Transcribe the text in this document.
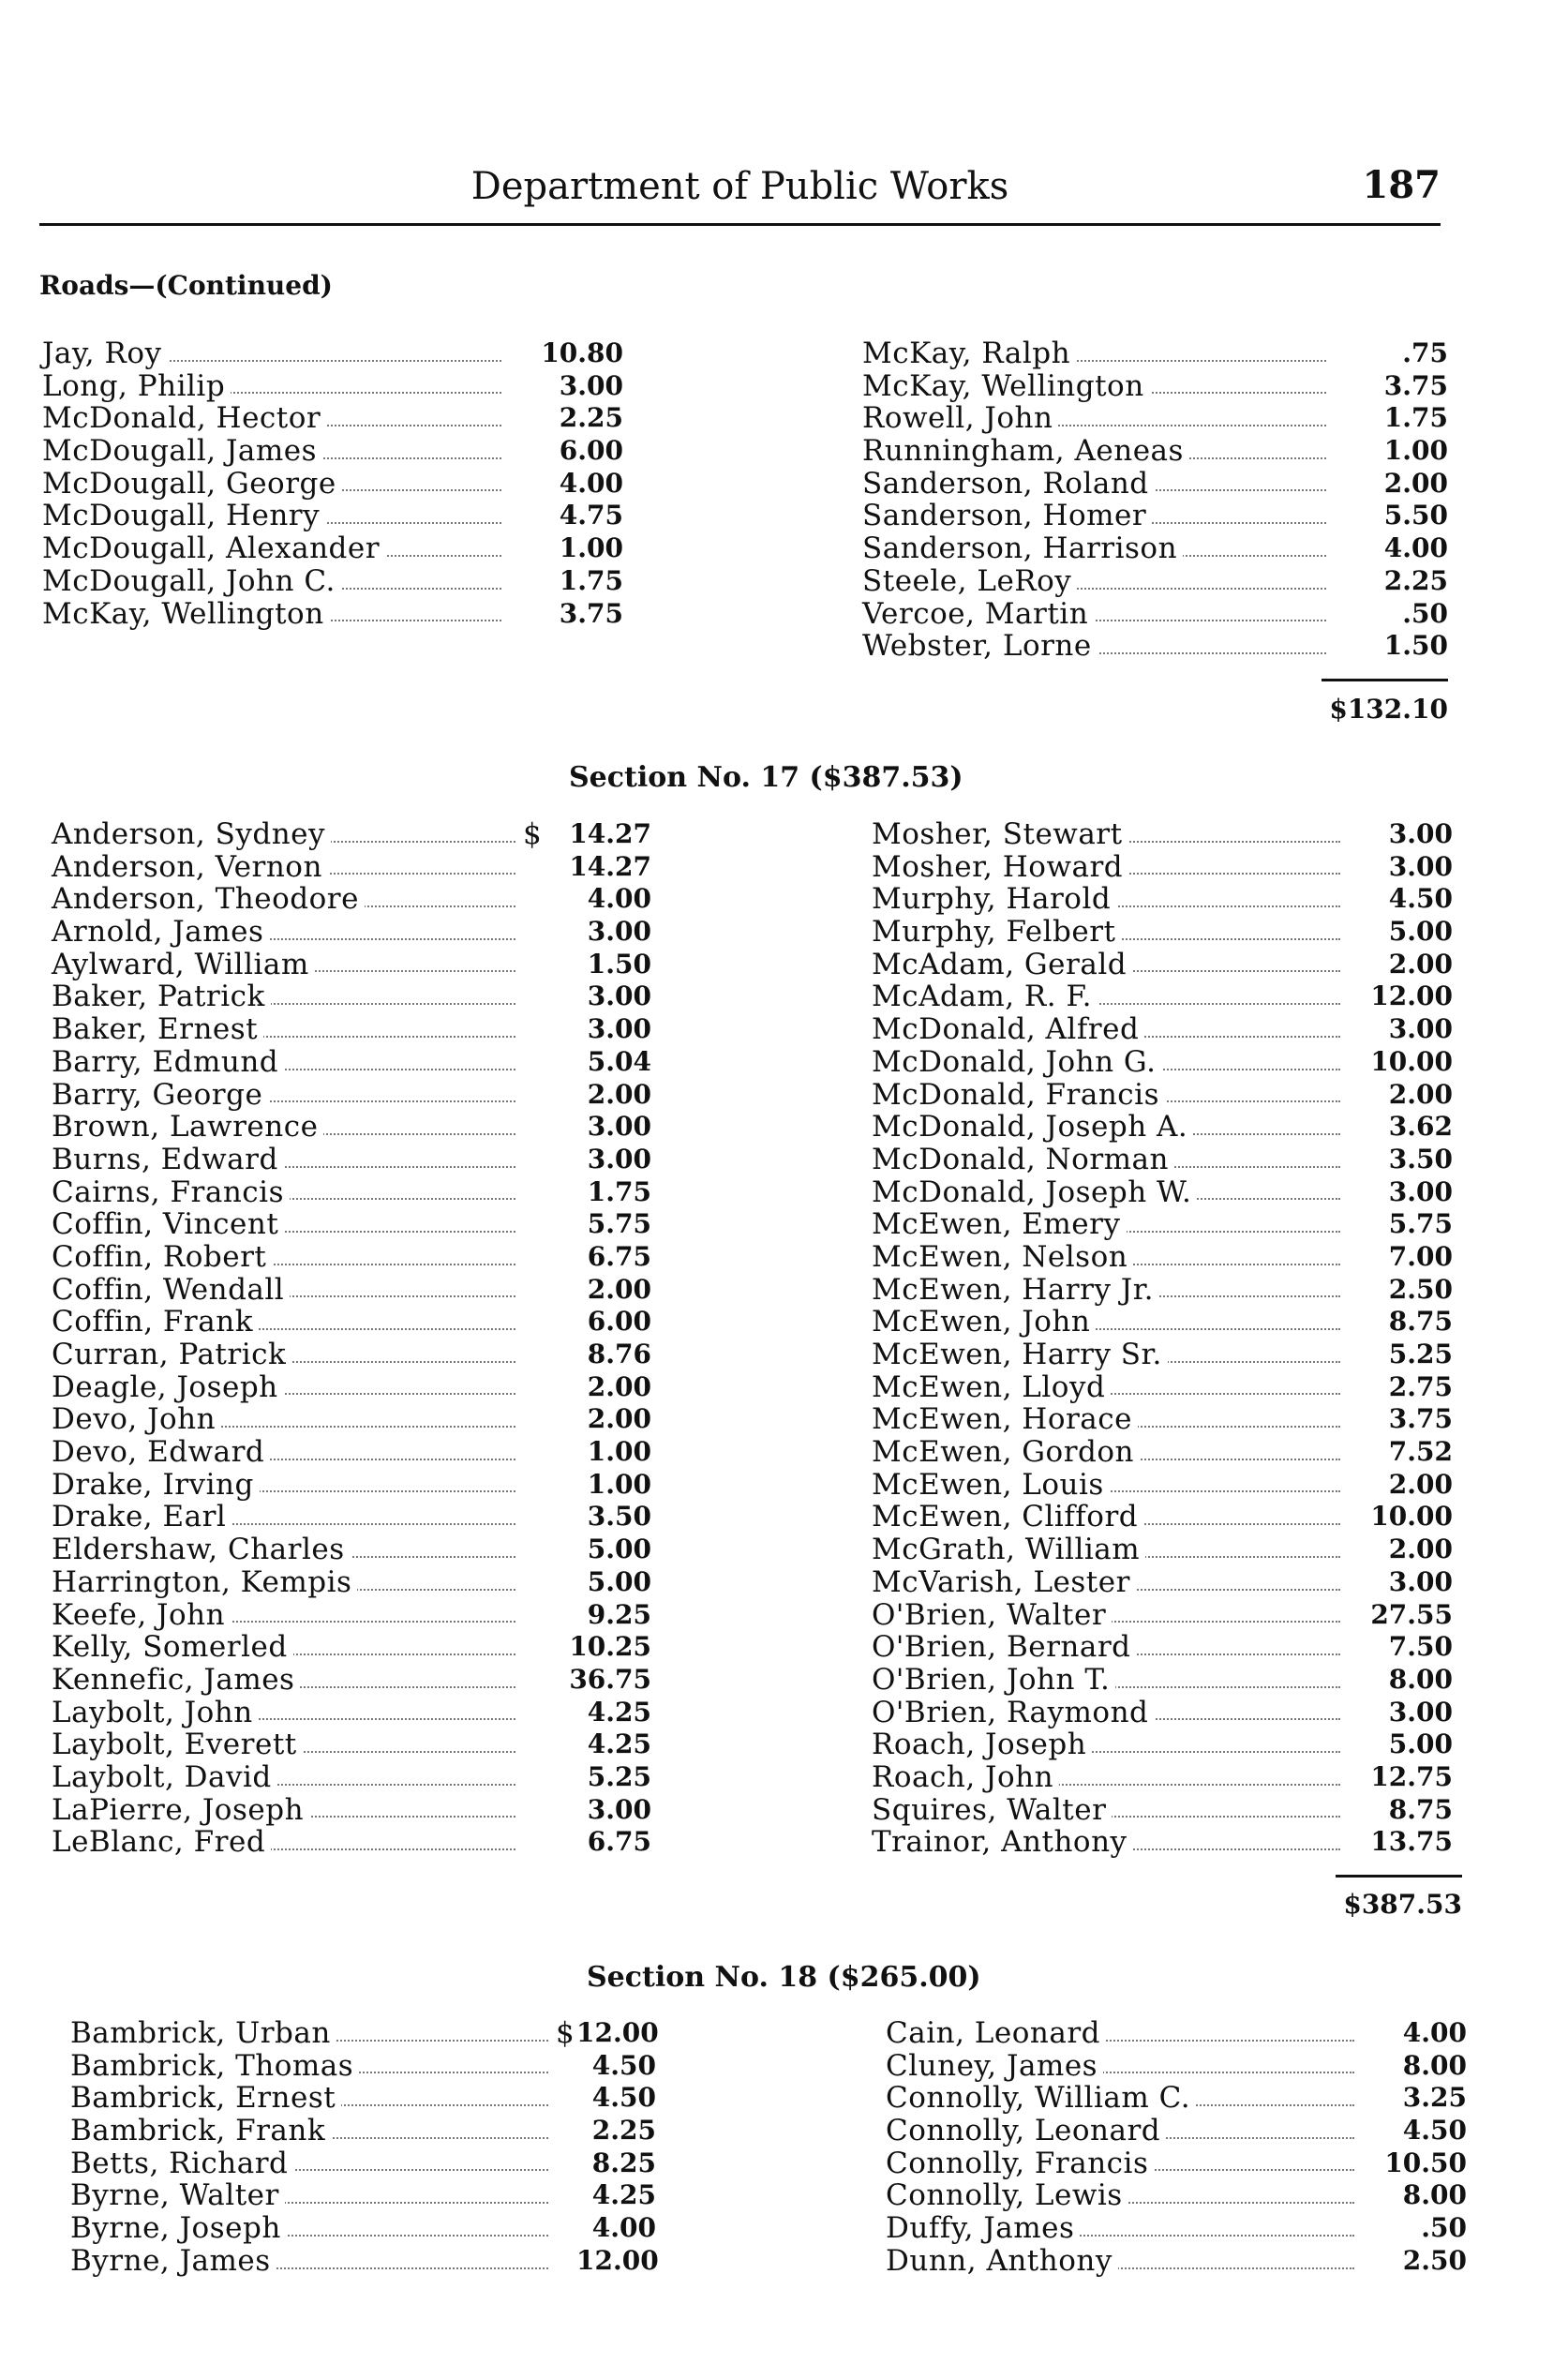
Department of Public Works	187
Roads—(Continued)
Jay, Roy	10.80
Long, Philip	3.00
McDonald, Hector	2.25
McDougall, James	6.00
McDougall, George	4.00
McDougall, Henry	4.75
McDougall, Alexander	1.00
McDougall, John C.	1.75
McKay, Wellington	3.75
McKay, Ralph	.75
McKay, Wellington	3.75
Rowell, John	1.75
Runningham, Aeneas	1.00
Sanderson, Roland	2.00
Sanderson, Homer	5.50
Sanderson, Harrison	4.00
Steele, LeRoy	2.25
Vercoe, Martin	.50
Webster, Lorne	1.50
$132.10
Section No. 17 ($387.53)
Anderson, Sydney	$	14.27
Anderson, Vernon	14.27
Anderson, Theodore	4.00
Arnold, James	3.00
Aylward, William	1.50
Baker, Patrick	3.00
Baker, Ernest	3.00
Barry, Edmund	5.04
Barry, George	2.00
Brown, Lawrence	3.00
Burns, Edward	3.00
Cairns, Francis	1.75
Coffin, Vincent	5.75
Coffin, Robert	6.75
Coffin, Wendall	2.00
Coffin, Frank	6.00
Curran, Patrick	8.76
Deagle, Joseph	2.00
Devo, John	2.00
Devo, Edward	1.00
Drake, Irving	1.00
Drake, Earl	3.50
Eldershaw, Charles	5.00
Harrington, Kempis	5.00
Keefe, John	9.25
Kelly, Somerled	10.25
Kennefic, James	36.75
Laybolt, John	4.25
Laybolt, Everett	4.25
Laybolt, David	5.25
LaPierre, Joseph	3.00
LeBlanc, Fred	6.75
Mosher, Stewart	3.00
Mosher, Howard	3.00
Murphy, Harold	4.50
Murphy, Felbert	5.00
McAdam, Gerald	2.00
McAdam, R. F.	12.00
McDonald, Alfred	3.00
McDonald, John G.	10.00
McDonald, Francis	2.00
McDonald, Joseph A.	3.62
McDonald, Norman	3.50
McDonald, Joseph W.	3.00
McEwen, Emery	5.75
McEwen, Nelson	7.00
McEwen, Harry Jr.	2.50
McEwen, John	8.75
McEwen, Harry Sr.	5.25
McEwen, Lloyd	2.75
McEwen, Horace	3.75
McEwen, Gordon	7.52
McEwen, Louis	2.00
McEwen, Clifford	10.00
McGrath, William	2.00
McVarish, Lester	3.00
O'Brien, Walter	27.55
O'Brien, Bernard	7.50
O'Brien, John T.	8.00
O'Brien, Raymond	3.00
Roach, Joseph	5.00
Roach, John	12.75
Squires, Walter	8.75
Trainor, Anthony	13.75
$387.53
Section No. 18 ($265.00)
Bambrick, Urban	$ 12.00
Bambrick, Thomas	4.50
Bambrick, Ernest	4.50
Bambrick, Frank	2.25
Betts, Richard	8.25
Byrne, Walter	4.25
Byrne, Joseph	4.00
Byrne, James	12.00
Cain, Leonard	4.00
Cluney, James	8.00
Connolly, William C.	3.25
Connolly, Leonard	4.50
Connolly, Francis	10.50
Connolly, Lewis	8.00
Duffy, James	.50
Dunn, Anthony	2.50
